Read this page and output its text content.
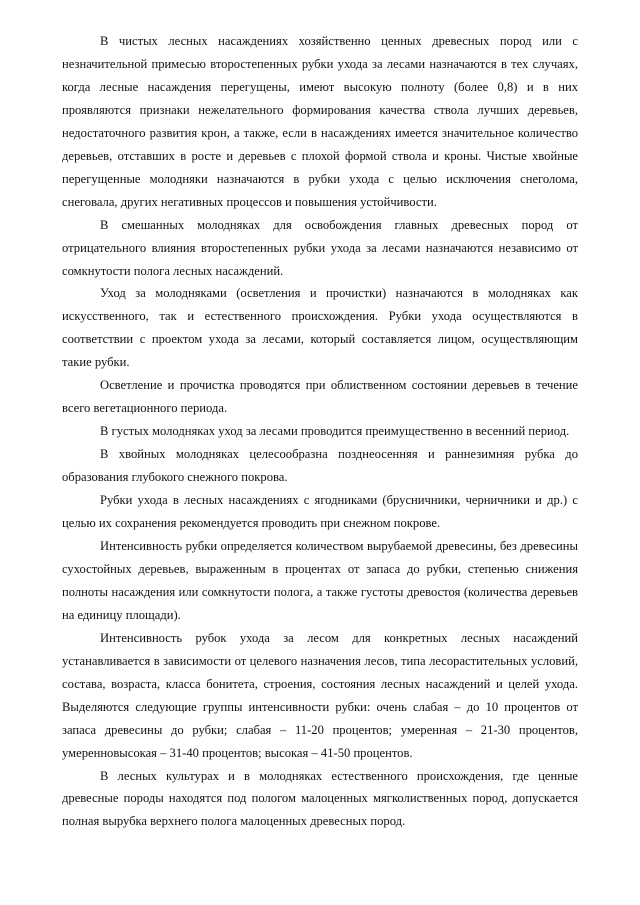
В чистых лесных насаждениях хозяйственно ценных древесных пород или с незначительной примесью второстепенных рубки ухода за лесами назначаются в тех случаях, когда лесные насаждения перегущены, имеют высокую полноту (более 0,8) и в них проявляются признаки нежелательного формирования качества ствола лучших деревьев, недостаточного развития крон, а также, если в насаждениях имеется значительное количество деревьев, отставших в росте и деревьев с плохой формой ствола и кроны. Чистые хвойные перегущенные молодняки назначаются в рубки ухода с целью исключения снеголома, снеговала, других негативных процессов и повышения устойчивости.

В смешанных молодняках для освобождения главных древесных пород от отрицательного влияния второстепенных рубки ухода за лесами назначаются независимо от сомкнутости полога лесных насаждений.

Уход за молодняками (осветления и прочистки) назначаются в молодняках как искусственного, так и естественного происхождения. Рубки ухода осуществляются в соответствии с проектом ухода за лесами, который составляется лицом, осуществляющим такие рубки.

Осветление и прочистка проводятся при облиственном состоянии деревьев в течение всего вегетационного периода.

В густых молодняках уход за лесами проводится преимущественно в весенний период.

В хвойных молодняках целесообразна позднеосенняя и раннезимняя рубка до образования глубокого снежного покрова.

Рубки ухода в лесных насаждениях с ягодниками (брусничники, черничники и др.) с целью их сохранения рекомендуется проводить при снежном покрове.

Интенсивность рубки определяется количеством вырубаемой древесины, без древесины сухостойных деревьев, выраженным в процентах от запаса до рубки, степенью снижения полноты насаждения или сомкнутости полога, а также густоты древостоя (количества деревьев на единицу площади).

Интенсивность рубок ухода за лесом для конкретных лесных насаждений устанавливается в зависимости от целевого назначения лесов, типа лесорастительных условий, состава, возраста, класса бонитета, строения, состояния лесных насаждений и целей ухода. Выделяются следующие группы интенсивности рубки: очень слабая – до 10 процентов от запаса древесины до рубки; слабая – 11-20 процентов; умеренная – 21-30 процентов, умеренновысокая – 31-40 процентов; высокая – 41-50 процентов.

В лесных культурах и в молодняках естественного происхождения, где ценные древесные породы находятся под пологом малоценных мягколиственных пород, допускается полная вырубка верхнего полога малоценных древесных пород.
